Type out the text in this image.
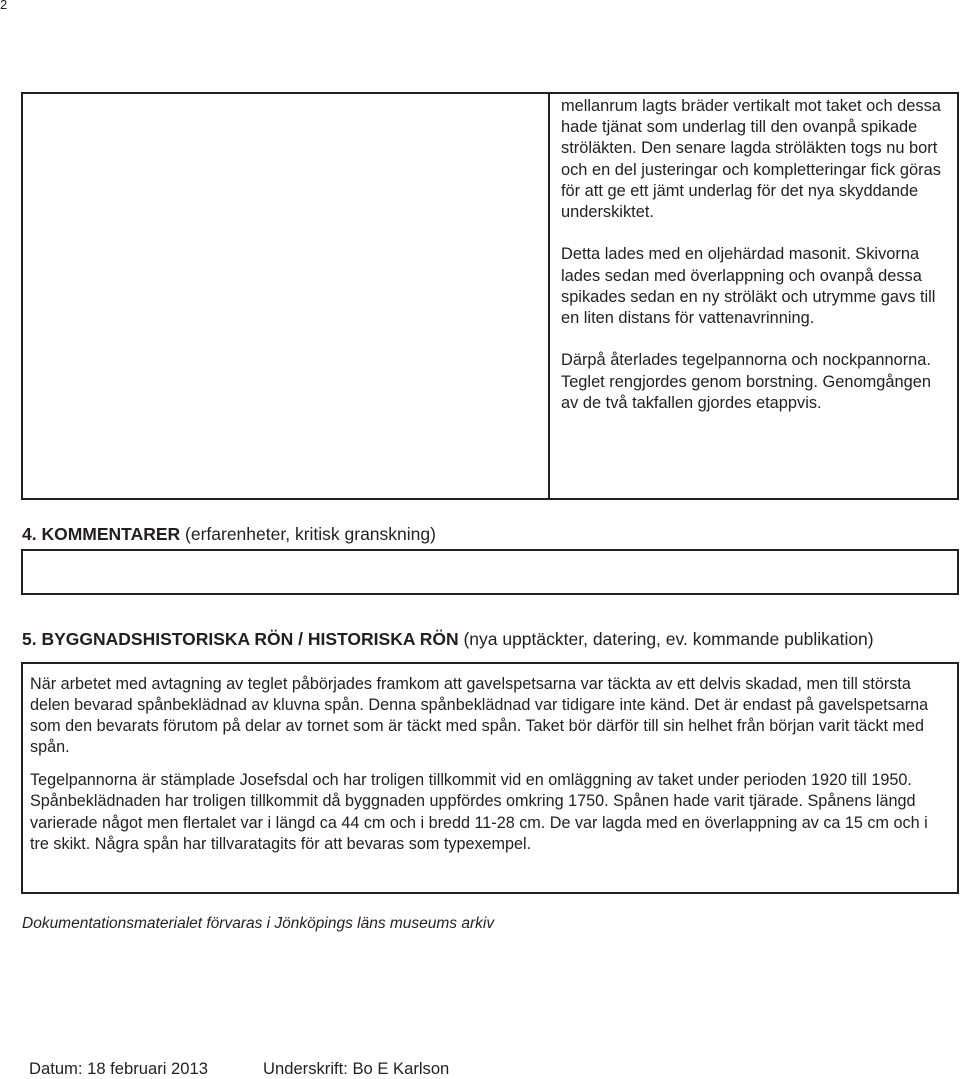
2

mellanrum lagts bräder vertikalt mot taket och dessa hade tjänat som underlag till den ovanpå spikade ströläkten. Den senare lagda ströläkten togs nu bort och en del justeringar och kompletteringar fick göras för att ge ett jämt underlag för det nya skyddande underskiktet.

Detta lades med en oljehärdad masonit. Skivorna lades sedan med överlappning och ovanpå dessa spikades sedan en ny ströläkt och utrymme gavs till en liten distans för vattenavrinning.

Därpå återlades tegelpannorna och nockpannorna. Teglet rengjordes genom borstning. Genomgången av de två takfallen gjordes etappvis.

4. KOMMENTARER (erfarenheter, kritisk granskning)
5. BYGGNADSHISTORISKA RÖN / HISTORISKA RÖN (nya upptäckter, datering, ev. kommande publikation)

När arbetet med avtagning av teglet påbörjades framkom att gavelspetsarna var täckta av ett delvis skadad, men till största delen bevarad spånbeklädnad av kluvna spån. Denna spånbeklädnad var tidigare inte känd. Det är endast på gavelspetsarna som den bevarats förutom på delar av tornet som är täckt med spån. Taket bör därför till sin helhet från början varit täckt med spån.

Tegelpannorna är stämplade Josefsdal och har troligen tillkommit vid en omläggning av taket under perioden 1920 till 1950. Spånbeklädnaden har troligen tillkommit då byggnaden uppfördes omkring 1750. Spånen hade varit tjärade. Spånens längd varierade något men flertalet var i längd ca 44 cm och i bredd 11-28 cm. De var lagda med en överlappning av ca 15 cm och i tre skikt. Några spån har tillvaratagits för att bevaras som typexempel.

Dokumentationsmaterialet förvaras i Jönköpings läns museums arkiv
Datum: 18 februari 2013	Underskrift: Bo E Karlson
